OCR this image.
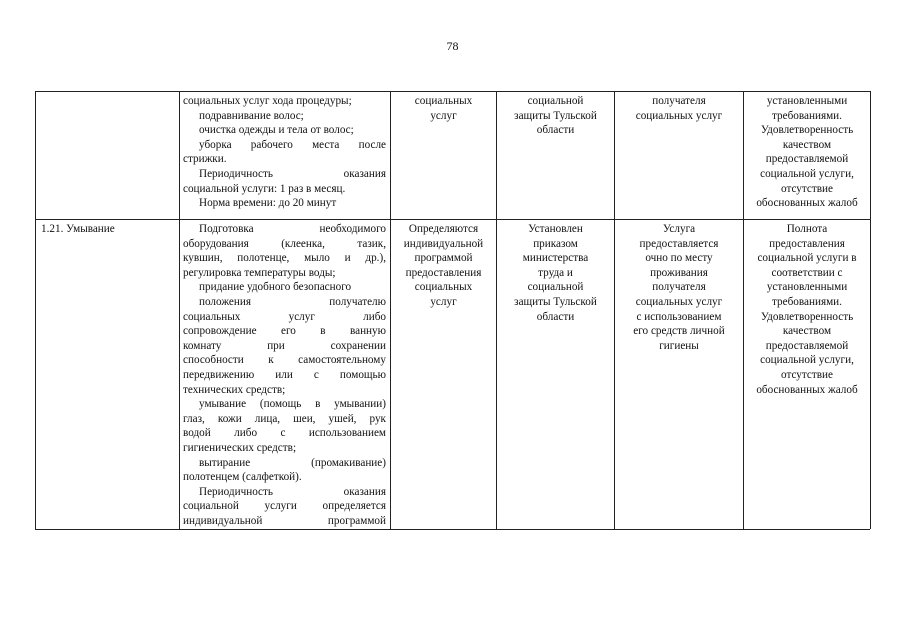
78
социальных услуг хода процедуры;
подравнивание волос;
очистка одежды и тела от волос;
уборка рабочего места после
стрижки.
Периодичность оказания
социальной услуги: 1 раз в месяц.
Норма времени: до 20 минут
социальных
услуг
социальной
защиты Тульской
области
получателя
социальных услуг
установленными
требованиями.
Удовлетворенность
качеством
предоставляемой
социальной услуги,
отсутствие
обоснованных жалоб
1.21. Умывание	Подготовка необходимого
оборудования (клеенка, тазик,
кувшин, полотенце, мыло и др.),
регулировка температуры воды;
придание удобного безопасного
положения получателю
социальных услуг либо
сопровождение его в ванную
комнату при сохранении
способности к самостоятельному
передвижению или с помощью
технических средств;
умывание (помощь в умывании)
глаз, кожи лица, шеи, ушей, рук
водой либо с использованием
гигиенических средств;
вытирание (промакивание)
полотенцем (салфеткой).
Периодичность оказания
социальной услуги определяется
индивидуальной программой
Определяются
индивидуальной
программой
предоставления
социальных
услуг
Установлен
приказом
министерства
труда и
социальной
защиты Тульской
области
Услуга
предоставляется
очно по месту
проживания
получателя
социальных услуг
с использованием
его средств личной
гигиены
Полнота
предоставления
социальной услуги в
соответствии с
установленными
требованиями.
Удовлетворенность
качеством
предоставляемой
социальной услуги,
отсутствие
обоснованных жалоб
